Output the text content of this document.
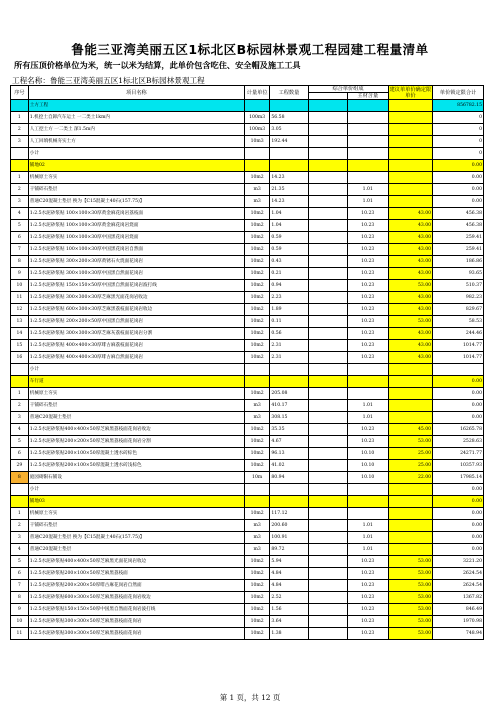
鲁能三亚湾美丽五区1标北区B标园林景观工程园建工程量清单
所有压顶价格单位为米，统一以米为结算，此单价包含吃住、安全帽及施工工具
工程名称：鲁能三亚湾美丽五区1标北区B标园林景观工程
序号	项目名称	计量单位	工程数量	综合单价组成		建议单单价确定限单价	单价锁定限合计
					主材含量		
	土方工程						856782.15
1	1.机挖土自卸汽车运土 一二类土1km内	100m3	56.58				0
2	人工挖土方 一二类土 深1.5m内	100m3	3.05				0
3	人工回填机械夯实土方	10m3	192.44				0
	小计						0
	铺地02						0.00
1	机械原土夯实	10m2	14.23				0.00
2	干铺碎石垫层	m3	21.35		1.01		0.00
3	普通C20混凝土垫层 换为【C15混凝土40石(157.75)】	m3	14.23		1.01		0.00
4	1:2.5水泥砂浆贴 100×100×30厚黄金麻花岗岩荔枝面	10m2	1.04		10.23	43.00	456.38
5	1:2.5水泥砂浆贴 100×100×30厚黄金麻花岗岩烧面	10m2	1.04		10.23	43.00	456.38
6	1:2.5水泥砂浆贴 100×100×30厚中国黑花岗岩烧面	10m2	0.59		10.23	43.00	259.41
7	1:2.5水泥砂浆贴 100×100×30厚中国黑花岗岩自然面	10m2	0.59		10.23	43.00	259.41
8	1:2.5水泥砂浆贴 300×200×30厚黄锈石火烧面花岗岩	10m2	0.43		10.23	43.00	186.86
9	1:2.5水泥砂浆贴 300×100×30厚中国黑自然面花岗岩	10m2	0.21		10.23	43.00	93.65
10	1:2.5水泥砂浆贴 150×150×50厚中国黑自然面花岗岩波打线	10m2	0.94		10.23	53.00	510.37
11	1:2.5水泥砂浆贴 300×300×30厚芝麻黑光面花岗岩收边	10m2	2.23		10.23	43.00	982.23
12	1:2.5水泥砂浆贴 600×300×30厚芝麻黑荔枝面花岗岩收边	10m2	1.89		10.23	43.00	829.67
13	1:2.5水泥砂浆贴 200×200×50厚中国黑自然面花岗岩	10m2	0.11		10.23	53.00	58.53
14	1:2.5水泥砂浆贴 300×300×30厚芝麻灰荔枝面花岗岩分割	10m2	0.56		10.23	43.00	244.46
15	1:2.5水泥砂浆贴 400×400×30厚啡古麻荔枝面花岗岩	10m2	2.31		10.23	43.00	1014.77
16	1:2.5水泥砂浆贴 400×400×30厚啡古麻自然面花岗岩	10m2	2.31		10.23	43.00	1014.77
	小计						
	车行道						0.00
1	机械原土夯实	10m2	205.08				0.00
2	干铺碎石垫层	m3	410.17		1.01		0.00
3	普通C20混凝土垫层	m3	308.15		1.01		0.00
4	1:2.5水泥砂浆贴400×400×50厚芝麻黑荔枝面花岗岩收边	10m2	35.35		10.23	45.00	16265.78
5	1:2.5水泥砂浆贴200×200×50厚芝麻黑荔枝面花岗岩分割	10m2	4.67		10.23	53.00	2528.63
6	1:2.5水泥砂浆贴200×100×50厚混凝土透水砖棕色	10m2	96.13		10.10	25.00	24271.77
29	1:2.5水泥砂浆贴200×100×50厚混凝土透水砖浅棕色	10m2	41.02		10.10	25.00	10357.93
8	庭园砌限石铺设	10m	80.94		10.10	22.00	17985.14
	小计						0.00
	铺地03						0.00
1	机械原土夯实	10m2	117.12				0.00
2	干铺碎石垫层	m3	200.60		1.01		0.00
3	普通C20混凝土垫层 换为【C15混凝土40石(157.75)】	m3	100.91		1.01		0.00
4	普通C20混凝土垫层	m3	89.72		1.01		0.00
5	1:2.5水泥砂浆贴400×400×50厚芝麻黑光面花岗岩收边	10m2	5.94		10.23	53.00	3221.20
6	1:2.5水泥砂浆贴200×100×50厚芝麻黑荔枝面	10m2	4.84		10.23	53.00	2624.54
7	1:2.5水泥砂浆贴200×200×50厚啡古麻花岗岩自然面	10m2	4.84		10.23	53.00	2624.54
8	1:2.5水泥砂浆贴600×300×50厚芝麻黑荔枝面花岗岩收边	10m2	2.52		10.23	53.00	1367.82
9	1:2.5水泥砂浆贴150×150×50厚中国黑自然面花岗岩波打线	10m2	1.56		10.23	53.00	846.49
10	1:2.5水泥砂浆贴300×300×50厚芝麻黑荔枝面花岗岩	10m2	3.64		10.23	53.00	1970.98
11	1:2.5水泥砂浆贴300×300×50厚芝麻黑荔枝面花岗岩	10m2	1.38		10.23	53.00	748.94
第 1 页，共 12 页
